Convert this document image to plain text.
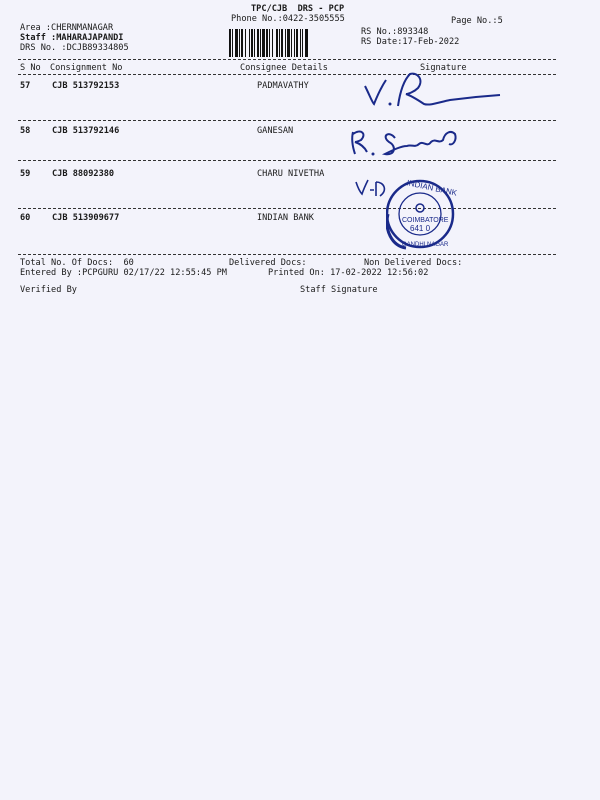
TPC/CJB  DRS - PCP
Phone No.:0422-3505555	Page No.:5
Area :CHERNMANAGAR
Staff :MAHARAJAPANDI
DRS No. :DCJB89334805
RS No.:893348
RS Date:17-Feb-2022
S No Consignment No	Consignee Details	Signature
57	CJB 513792153	PADMAVATHY
58	CJB 513792146	GANESAN
59	CJB 88092380	CHARU NIVETHA
60	CJB 513909677	INDIAN BANK
INDIAN BANK
COIMBATORE
641 0
GANDHI NAGAR
Total No. Of Docs:  60	Delivered Docs:	Non Delivered Docs:
Entered By :PCPGURU 02/17/22 12:55:45 PM	Printed On: 17-02-2022 12:56:02
Verified By	Staff Signature
